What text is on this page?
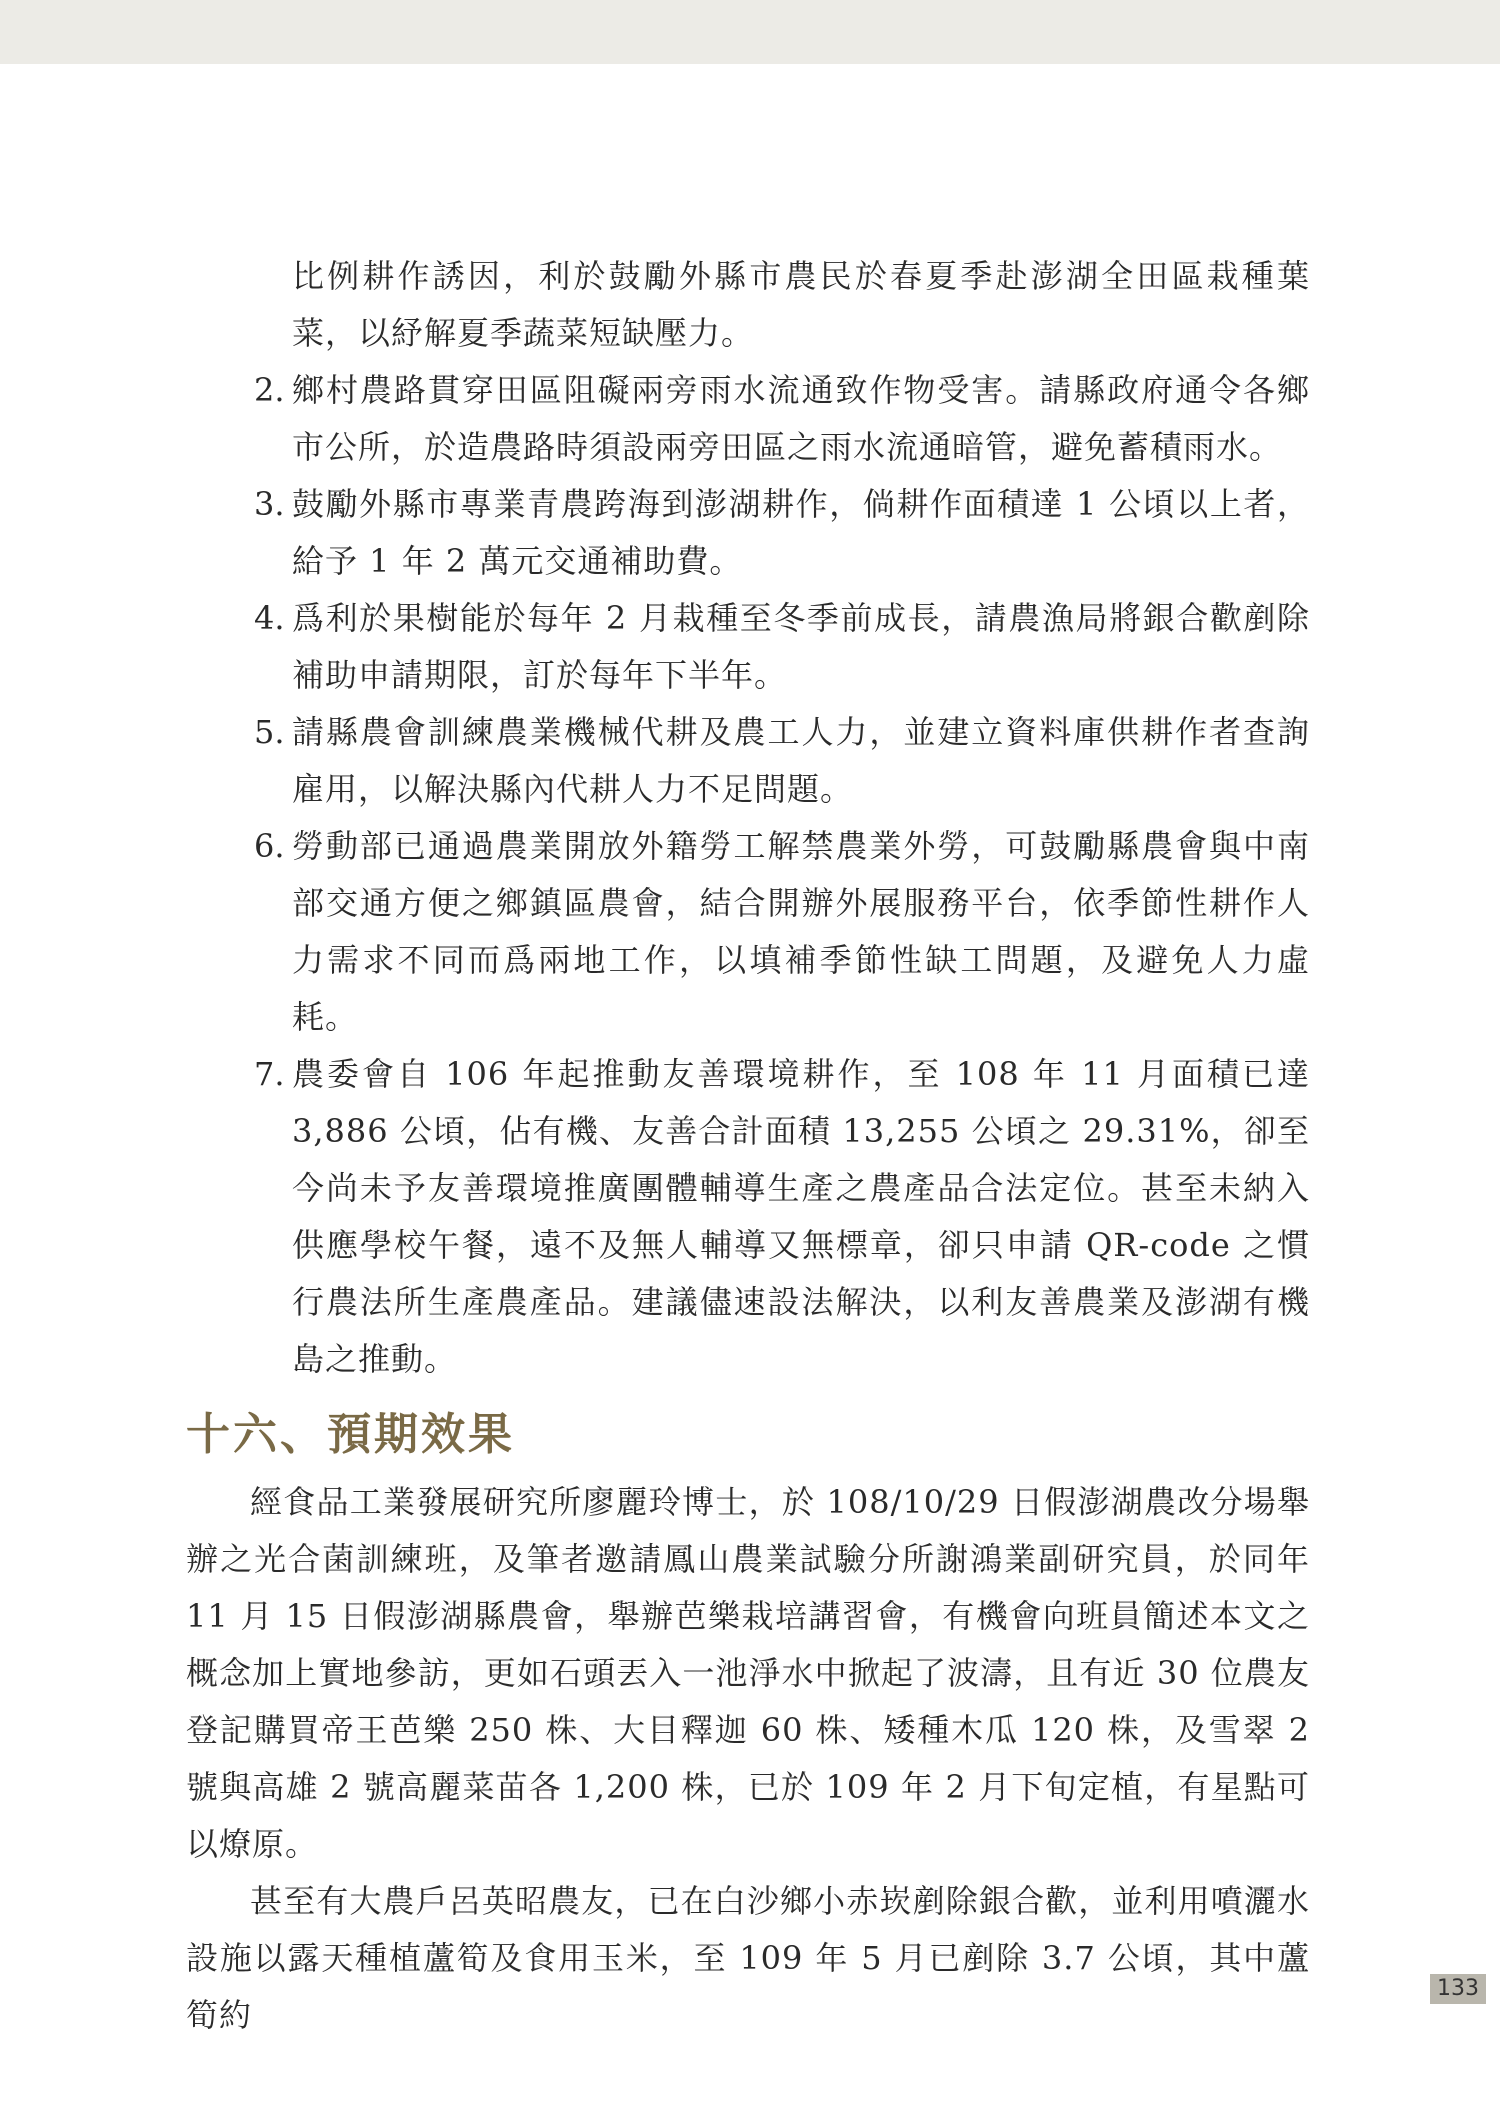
比例耕作誘因，利於鼓勵外縣市農民於春夏季赴澎湖全田區栽種葉菜，以紓解夏季蔬菜短缺壓力。
2. 鄉村農路貫穿田區阻礙兩旁雨水流通致作物受害。請縣政府通令各鄉市公所，於造農路時須設兩旁田區之雨水流通暗管，避免蓄積雨水。
3. 鼓勵外縣市專業青農跨海到澎湖耕作，倘耕作面積達 1 公頃以上者，給予 1 年 2 萬元交通補助費。
4. 爲利於果樹能於每年 2 月栽種至冬季前成長，請農漁局將銀合歡剷除補助申請期限，訂於每年下半年。
5. 請縣農會訓練農業機械代耕及農工人力，並建立資料庫供耕作者查詢雇用，以解決縣內代耕人力不足問題。
6. 勞動部已通過農業開放外籍勞工解禁農業外勞，可鼓勵縣農會與中南部交通方便之鄉鎮區農會，結合開辦外展服務平台，依季節性耕作人力需求不同而爲兩地工作，以填補季節性缺工問題，及避免人力虛耗。
7. 農委會自 106 年起推動友善環境耕作，至 108 年 11 月面積已達 3,886 公頃，佔有機、友善合計面積 13,255 公頃之 29.31%，卻至今尚未予友善環境推廣團體輔導生產之農產品合法定位。甚至未納入供應學校午餐，遠不及無人輔導又無標章，卻只申請 QR-code 之慣行農法所生產農產品。建議儘速設法解決，以利友善農業及澎湖有機島之推動。
十六、預期效果

經食品工業發展研究所廖麗玲博士，於 108/10/29 日假澎湖農改分場舉辦之光合菌訓練班，及筆者邀請鳳山農業試驗分所謝鴻業副研究員，於同年 11 月 15 日假澎湖縣農會，舉辦芭樂栽培講習會，有機會向班員簡述本文之概念加上實地參訪，更如石頭丟入一池淨水中掀起了波濤，且有近 30 位農友登記購買帝王芭樂 250 株、大目釋迦 60 株、矮種木瓜 120 株，及雪翠 2 號與高雄 2 號高麗菜苗各 1,200 株，已於 109 年 2 月下旬定植，有星點可以燎原。

甚至有大農戶呂英昭農友，已在白沙鄉小赤崁剷除銀合歡，並利用噴灑水設施以露天種植蘆筍及食用玉米，至 109 年 5 月已剷除 3.7 公頃，其中蘆筍約

133
